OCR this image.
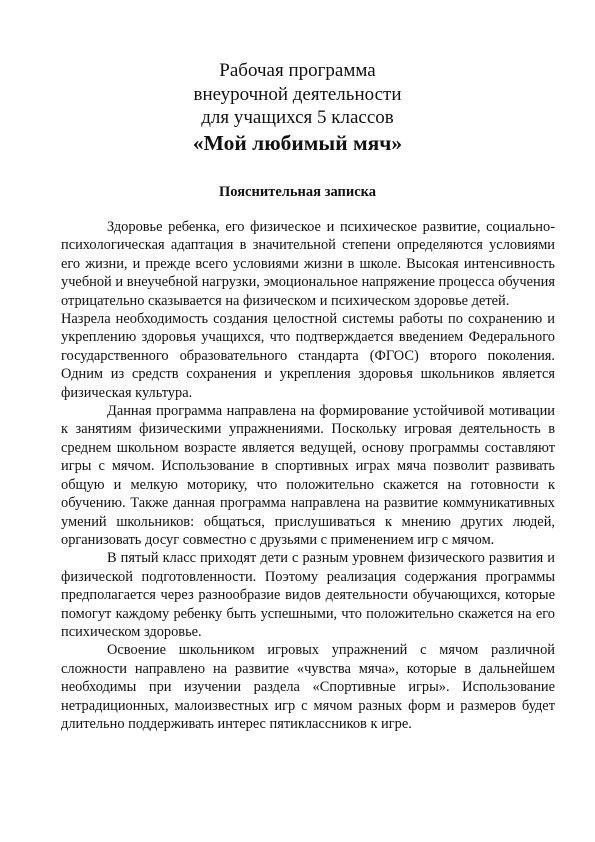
Рабочая программа

внеурочной деятельности

для учащихся 5 классов

«Мой любимый мяч»

Пояснительная записка

Здоровье ребенка, его физическое и психическое развитие, социально-психологическая адаптация в значительной степени определяются условиями его жизни, и прежде всего условиями жизни в школе. Высокая интенсивность учебной и внеучебной нагрузки, эмоциональное напряжение процесса обучения отрицательно сказывается на физическом и психическом здоровье детей.

Назрела необходимость создания целостной системы работы по сохранению и укреплению здоровья учащихся, что подтверждается введением Федерального государственного образовательного стандарта (ФГОС) второго поколения. Одним из средств сохранения и укрепления здоровья школьников является физическая культура.

Данная программа направлена на формирование устойчивой мотивации к занятиям физическими упражнениями. Поскольку игровая деятельность в среднем школьном возрасте является ведущей, основу программы составляют игры с мячом. Использование в спортивных играх мяча позволит развивать общую и мелкую моторику, что положительно скажется на готовности к обучению. Также данная программа направлена на развитие коммуникативных умений школьников: общаться, прислушиваться к мнению других людей, организовать досуг совместно с друзьями с применением игр с мячом.

В пятый класс приходят дети с разным уровнем физического развития и физической подготовленности. Поэтому реализация содержания программы предполагается через разнообразие видов деятельности обучающихся, которые помогут каждому ребенку быть успешными, что положительно скажется на его психическом здоровье.

Освоение школьником игровых упражнений с мячом различной сложности направлено на развитие «чувства мяча», которые в дальнейшем необходимы при изучении раздела «Спортивные игры». Использование нетрадиционных, малоизвестных игр с мячом разных форм и размеров будет длительно поддерживать интерес пятиклассников к игре.
